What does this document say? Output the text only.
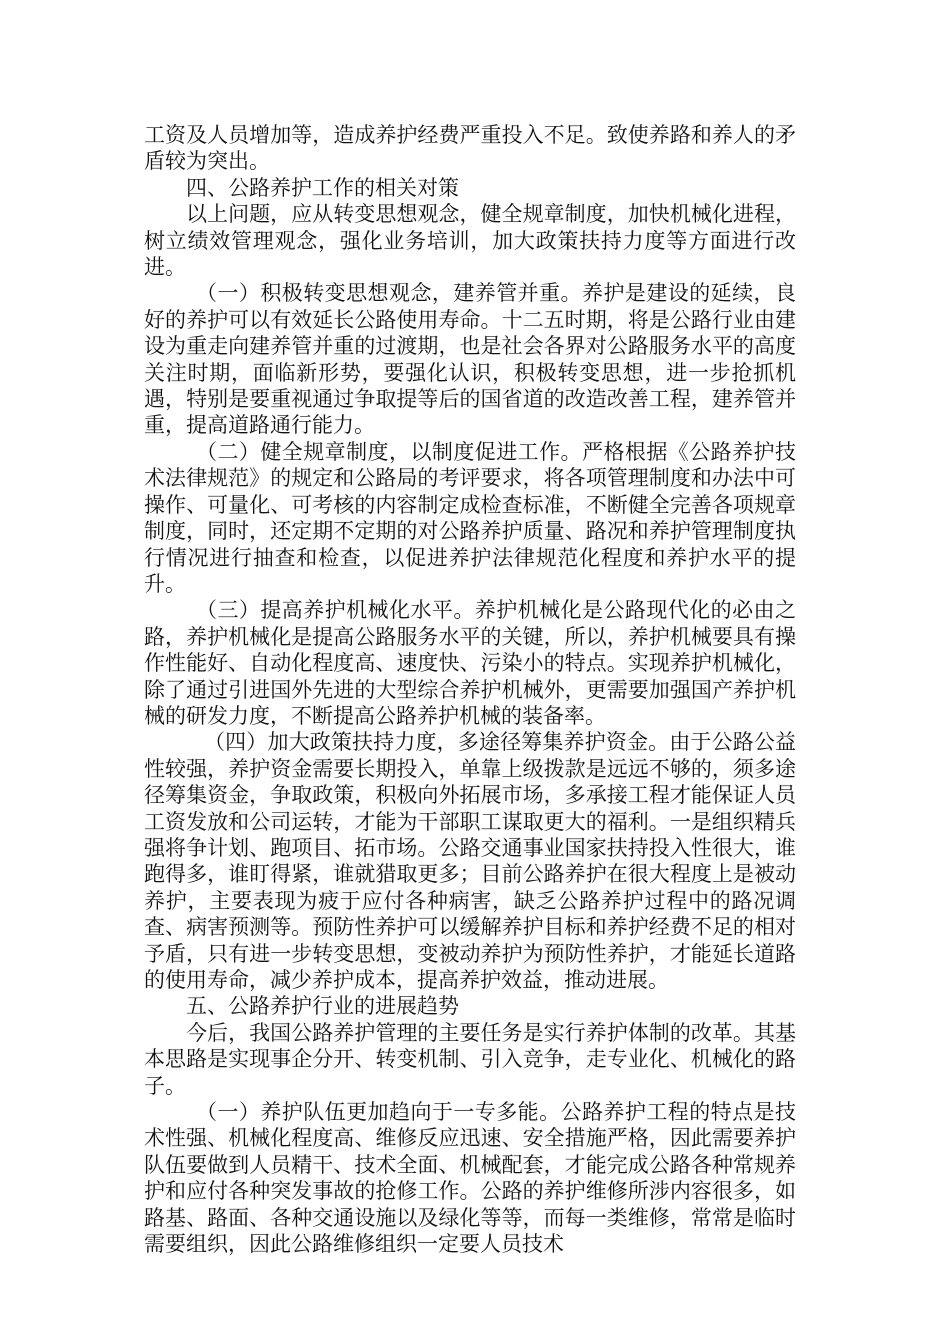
工资及人员增加等，造成养护经费严重投入不足。致使养路和养人的矛盾较为突出。

四、公路养护工作的相关对策

以上问题，应从转变思想观念，健全规章制度，加快机械化进程，树立绩效管理观念，强化业务培训，加大政策扶持力度等方面进行改进。

（一）积极转变思想观念，建养管并重。养护是建设的延续，良好的养护可以有效延长公路使用寿命。十二五时期，将是公路行业由建设为重走向建养管并重的过渡期，也是社会各界对公路服务水平的高度关注时期，面临新形势，要强化认识，积极转变思想，进一步抢抓机遇，特别是要重视通过争取提等后的国省道的改造改善工程，建养管并重，提高道路通行能力。

（二）健全规章制度，以制度促进工作。严格根据《公路养护技术法律规范》的规定和公路局的考评要求，将各项管理制度和办法中可操作、可量化、可考核的内容制定成检查标准，不断健全完善各项规章制度，同时，还定期不定期的对公路养护质量、路况和养护管理制度执行情况进行抽查和检查，以促进养护法律规范化程度和养护水平的提升。

（三）提高养护机械化水平。养护机械化是公路现代化的必由之路，养护机械化是提高公路服务水平的关键，所以，养护机械要具有操作性能好、自动化程度高、速度快、污染小的特点。实现养护机械化，除了通过引进国外先进的大型综合养护机械外，更需要加强国产养护机械的研发力度，不断提高公路养护机械的装备率。

（四）加大政策扶持力度，多途径筹集养护资金。由于公路公益性较强，养护资金需要长期投入，单靠上级拨款是远远不够的，须多途径筹集资金，争取政策，积极向外拓展市场，多承接工程才能保证人员工资发放和公司运转，才能为干部职工谋取更大的福利。一是组织精兵强将争计划、跑项目、拓市场。公路交通事业国家扶持投入性很大，谁跑得多，谁盯得紧，谁就猎取更多；目前公路养护在很大程度上是被动养护，主要表现为疲于应付各种病害，缺乏公路养护过程中的路况调查、病害预测等。预防性养护可以缓解养护目标和养护经费不足的相对予盾，只有进一步转变思想，变被动养护为预防性养护，才能延长道路的使用寿命，减少养护成本，提高养护效益，推动进展。

五、公路养护行业的进展趋势

今后，我国公路养护管理的主要任务是实行养护体制的改革。其基本思路是实现事企分开、转变机制、引入竞争，走专业化、机械化的路子。

（一）养护队伍更加趋向于一专多能。公路养护工程的特点是技术性强、机械化程度高、维修反应迅速、安全措施严格，因此需要养护队伍要做到人员精干、技术全面、机械配套，才能完成公路各种常规养护和应付各种突发事故的抢修工作。公路的养护维修所涉内容很多，如路基、路面、各种交通设施以及绿化等等，而每一类维修，常常是临时需要组织，因此公路维修组织一定要人员技术
